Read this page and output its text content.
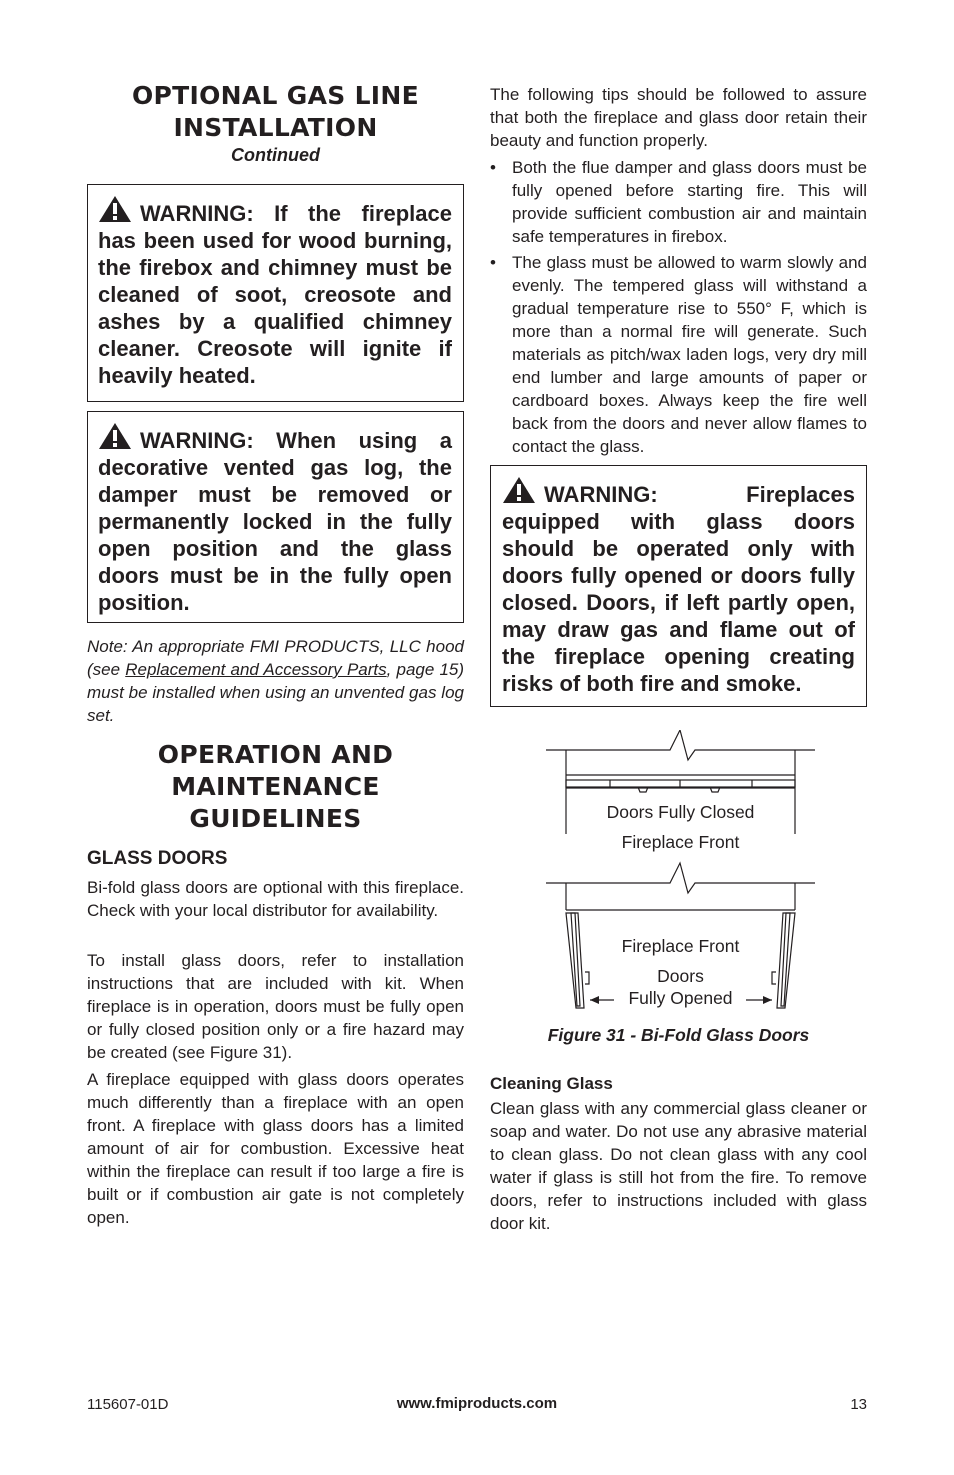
OPTIONAL GAS LINE
INSTALLATION
Continued
WARNING: If the fireplace has been used for wood burning, the firebox and chimney must be cleaned of soot, creosote and ashes by a qualified chimney cleaner. Creosote will ignite if heavily heated.
WARNING: When using a decorative vented gas log, the damper must be removed or permanently locked in the fully open position and the glass doors must be in the fully open position.

Note: An appropriate FMI PRODUCTS, LLC hood (see Replacement and Accessory Parts, page 15) must be installed when using an unvented gas log set.

OPERATION AND
MAINTENANCE
GUIDELINES
GLASS DOORS

Bi-fold glass doors are optional with this fireplace. Check with your local distributor for availability.

To install glass doors, refer to installation instructions that are included with kit. When fireplace is in operation, doors must be fully open or fully closed position only or a fire hazard may be created (see Figure 31).

A fireplace equipped with glass doors operates much differently than a fireplace with an open front. A fireplace with glass doors has a limited amount of air for combustion. Excessive heat within the fireplace can result if too large a fire is built or if combustion air gate is not completely open.

The following tips should be followed to assure that both the fireplace and glass door retain their beauty and function properly.

• Both the flue damper and glass doors must be fully opened before starting fire. This will provide sufficient combustion air and maintain safe temperatures in firebox.
• The glass must be allowed to warm slowly and evenly. The tempered glass will withstand a gradual temperature rise to 550° F, which is more than a normal fire will generate. Such materials as pitch/wax laden logs, very dry mill end lumber and large amounts of paper or cardboard boxes. Always keep the fire well back from the doors and never allow flames to contact the glass.
WARNING: Fireplaces equipped with glass doors should be operated only with doors fully opened or doors fully closed. Doors, if left partly open, may draw gas and flame out of the fireplace opening creating risks of both fire and smoke.
Doors Fully Closed
Fireplace Front
Fireplace Front
Doors
Fully Opened
Figure 31 - Bi-Fold Glass Doors
Cleaning Glass

Clean glass with any commercial glass cleaner or soap and water. Do not use any abrasive material to clean glass. Do not clean glass with any cool water if glass is still hot from the fire. To remove doors, refer to instructions included with glass door kit.

115607-01D	www.fmiproducts.com	13
